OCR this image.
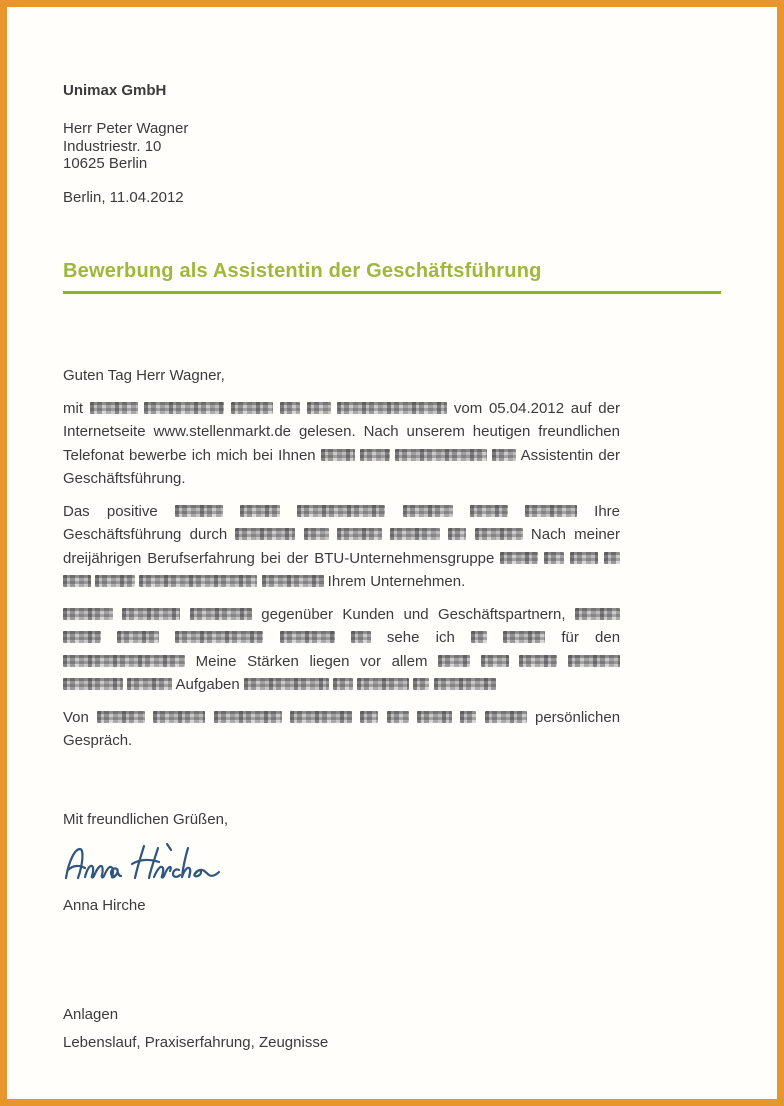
Unimax GmbH
Herr Peter Wagner
Industriestr. 10
10625 Berlin
Berlin, 11.04.2012
Bewerbung als Assistentin der Geschäftsführung

Guten Tag Herr Wagner,

mit	vom 05.04.2012 auf der Internetseite www.stellenmarkt.de gelesen. Nach unserem heutigen freundlichen Telefonat bewerbe ich mich bei Ihnen	Assistentin der Geschäftsführung.

Das positive	Ihre Geschäftsführung durch	Nach meiner dreijährigen Berufserfahrung bei der BTU-Unternehmensgruppe         Ihrem Unternehmen.

gegenüber Kunden und Geschäftspartnern,       sehe ich	für den  Meine Stärken liegen vor allem       Aufgaben

Von	persönlichen Gespräch.

Mit freundlichen Grüßen,
Anna Hirche
Anlagen
Lebenslauf, Praxiserfahrung, Zeugnisse
